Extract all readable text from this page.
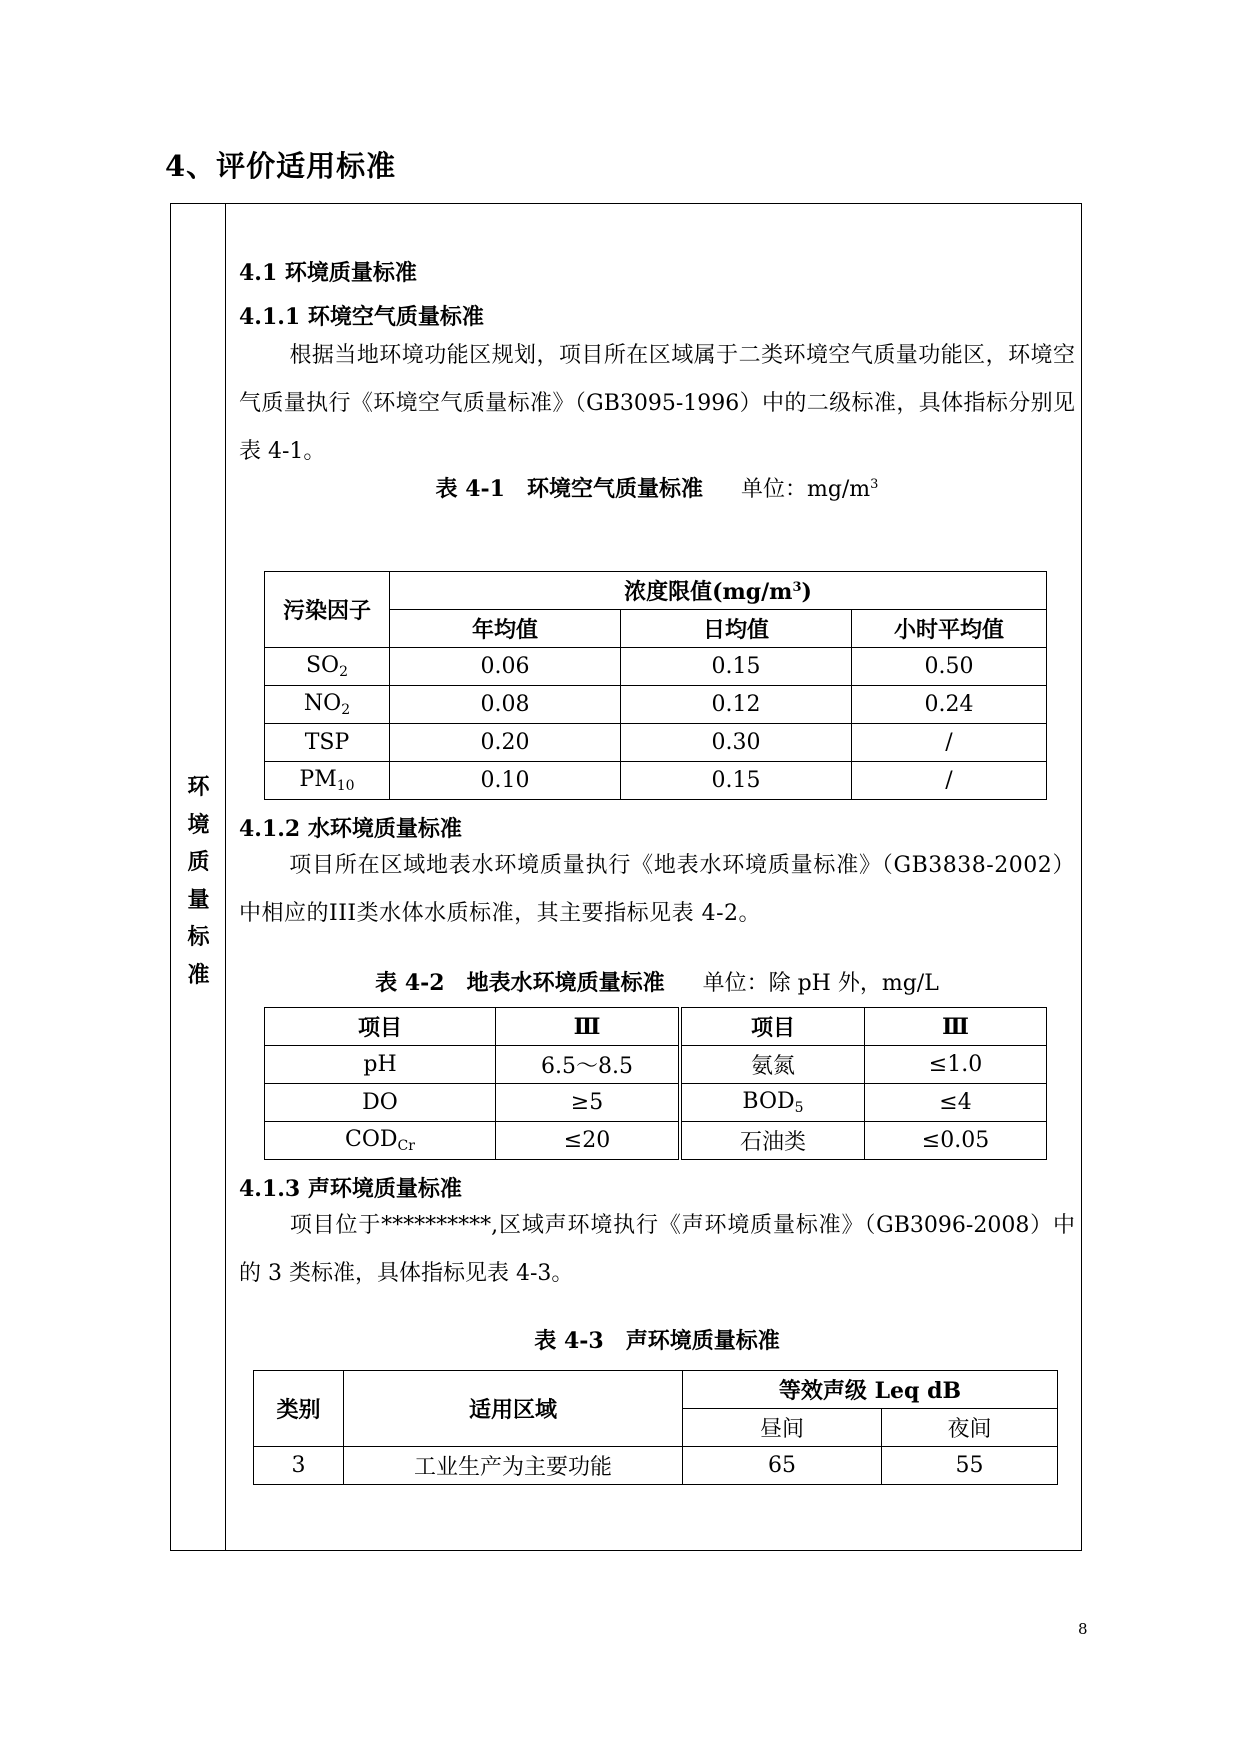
4、评价适用标准
环
境
质
量
标
准
4.1 环境质量标准
4.1.1 环境空气质量标准
根据当地环境功能区规划，项目所在区域属于二类环境空气质量功能区，环境空气质量执行《环境空气质量标准》（GB3095-1996）中的二级标准，具体指标分别见表 4-1。
表 4-1　环境空气质量标准 单位：$mg/m^3$
污染因子	浓度限值$(mg/m^3)$		
	年均值	日均值	小时平均值
$SO_2$	0.06	0.15	0.50
$NO_2$	0.08	0.12	0.24
TSP	0.20	0.30	/
$PM_{10}$	0.10	0.15	/
4.1.2 水环境质量标准
项目所在区域地表水环境质量执行《地表水环境质量标准》（GB3838-2002）中相应的III类水体水质标准，其主要指标见表 4-2。
表 4-2　地表水环境质量标准 单位：除 pH 外，mg/L
项目	Ⅲ	项目	Ⅲ
pH	6.5～8.5	氨氮	≤1.0
DO	≥5	$BOD_5$	≤4
$COD_{Cr}$	≤20	石油类	≤0.05
4.1.3 声环境质量标准
项目位于**********,区域声环境执行《声环境质量标准》（GB3096-2008）中的 3 类标准，具体指标见表 4-3。
表 4-3　声环境质量标准
类别	适用区域	等效声级 Leq dB	
		昼间	夜间
3	工业生产为主要功能	65	55
8
